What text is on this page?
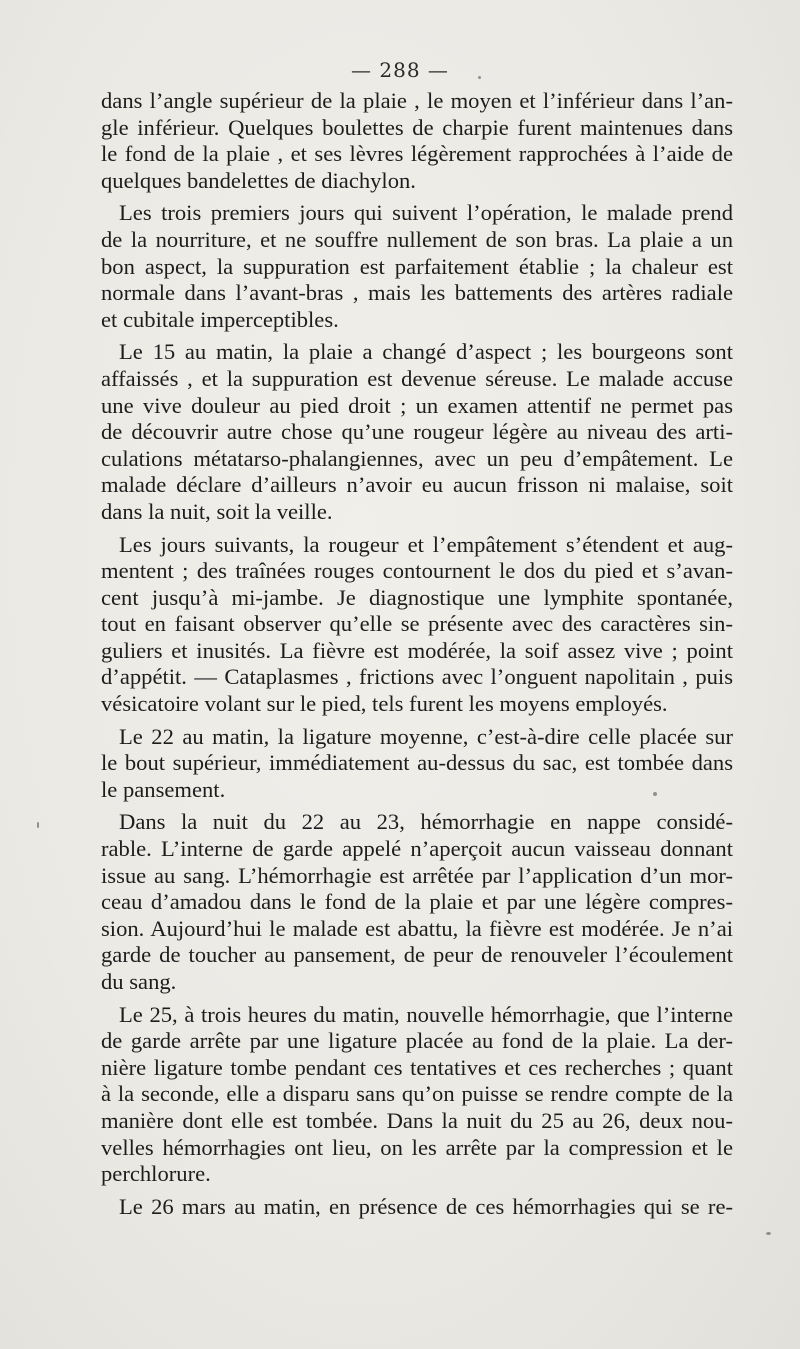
— 288 —
dans l’angle supérieur de la plaie , le moyen et l’inférieur dans l’an-
gle inférieur. Quelques boulettes de charpie furent maintenues dans
le fond de la plaie , et ses lèvres légèrement rapprochées à l’aide de
quelques bandelettes de diachylon.
Les trois premiers jours qui suivent l’opération, le malade prend
de la nourriture, et ne souffre nullement de son bras. La plaie a un
bon aspect, la suppuration est parfaitement établie ; la chaleur est
normale dans l’avant-bras , mais les battements des artères radiale
et cubitale imperceptibles.
Le 15 au matin, la plaie a changé d’aspect ; les bourgeons sont
affaissés , et la suppuration est devenue séreuse. Le malade accuse
une vive douleur au pied droit ; un examen attentif ne permet pas
de découvrir autre chose qu’une rougeur légère au niveau des arti-
culations métatarso-phalangiennes, avec un peu d’empâtement. Le
malade déclare d’ailleurs n’avoir eu aucun frisson ni malaise, soit
dans la nuit, soit la veille.
Les jours suivants, la rougeur et l’empâtement s’étendent et aug-
mentent ; des traînées rouges contournent le dos du pied et s’avan-
cent jusqu’à mi-jambe. Je diagnostique une lymphite spontanée,
tout en faisant observer qu’elle se présente avec des caractères sin-
guliers et inusités. La fièvre est modérée, la soif assez vive ; point
d’appétit. — Cataplasmes , frictions avec l’onguent napolitain , puis
vésicatoire volant sur le pied, tels furent les moyens employés.
Le 22 au matin, la ligature moyenne, c’est-à-dire celle placée sur
le bout supérieur, immédiatement au-dessus du sac, est tombée dans
le pansement.
Dans la nuit du 22 au 23, hémorrhagie en nappe considé-
rable. L’interne de garde appelé n’aperçoit aucun vaisseau donnant
issue au sang. L’hémorrhagie est arrêtée par l’application d’un mor-
ceau d’amadou dans le fond de la plaie et par une légère compres-
sion. Aujourd’hui le malade est abattu, la fièvre est modérée. Je n’ai
garde de toucher au pansement, de peur de renouveler l’écoulement
du sang.
Le 25, à trois heures du matin, nouvelle hémorrhagie, que l’interne
de garde arrête par une ligature placée au fond de la plaie. La der-
nière ligature tombe pendant ces tentatives et ces recherches ; quant
à la seconde, elle a disparu sans qu’on puisse se rendre compte de la
manière dont elle est tombée. Dans la nuit du 25 au 26, deux nou-
velles hémorrhagies ont lieu, on les arrête par la compression et le
perchlorure.
Le 26 mars au matin, en présence de ces hémorrhagies qui se re-
